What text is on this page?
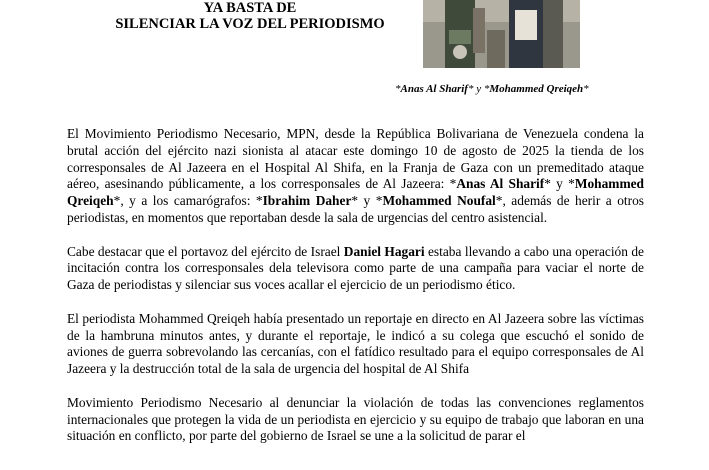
YA BASTA DE
SILENCIAR LA VOZ DEL PERIODISMO
*Anas Al Sharif* y *Mohammed Qreiqeh*

El Movimiento Periodismo Necesario, MPN, desde la República Bolivariana de Venezuela condena la brutal acción del ejército nazi sionista al atacar este domingo 10 de agosto de 2025 la tienda de los corresponsales de Al Jazeera en el Hospital Al Shifa, en la Franja de Gaza con un premeditado ataque aéreo, asesinando públicamente, a los corresponsales de Al Jazeera: *Anas Al Sharif* y *Mohammed Qreiqeh*, y a los camarógrafos: *Ibrahim Daher* y *Mohammed Noufal*, además de herir a otros periodistas, en momentos que reportaban desde la sala de urgencias del centro asistencial.

Cabe destacar que el portavoz del ejército de Israel Daniel Hagari estaba llevando a cabo una operación de incitación contra los corresponsales dela televisora como parte de una campaña para vaciar el norte de Gaza de periodistas y silenciar sus voces acallar el ejercicio de un periodismo ético.

El periodista Mohammed Qreiqeh había presentado un reportaje en directo en Al Jazeera sobre las víctimas de la hambruna minutos antes, y durante el reportaje, le indicó a su colega que escuchó el sonido de aviones de guerra sobrevolando las cercanías, con el fatídico resultado para el equipo corresponsales de Al Jazeera y la destrucción total de la sala de urgencia del hospital de Al Shifa

Movimiento Periodismo Necesario al denunciar la violación de todas las convenciones reglamentos internacionales que protegen la vida de un periodista en ejercicio y su equipo de trabajo que laboran en una situación en conflicto, por parte del gobierno de Israel se une a la solicitud de parar el
